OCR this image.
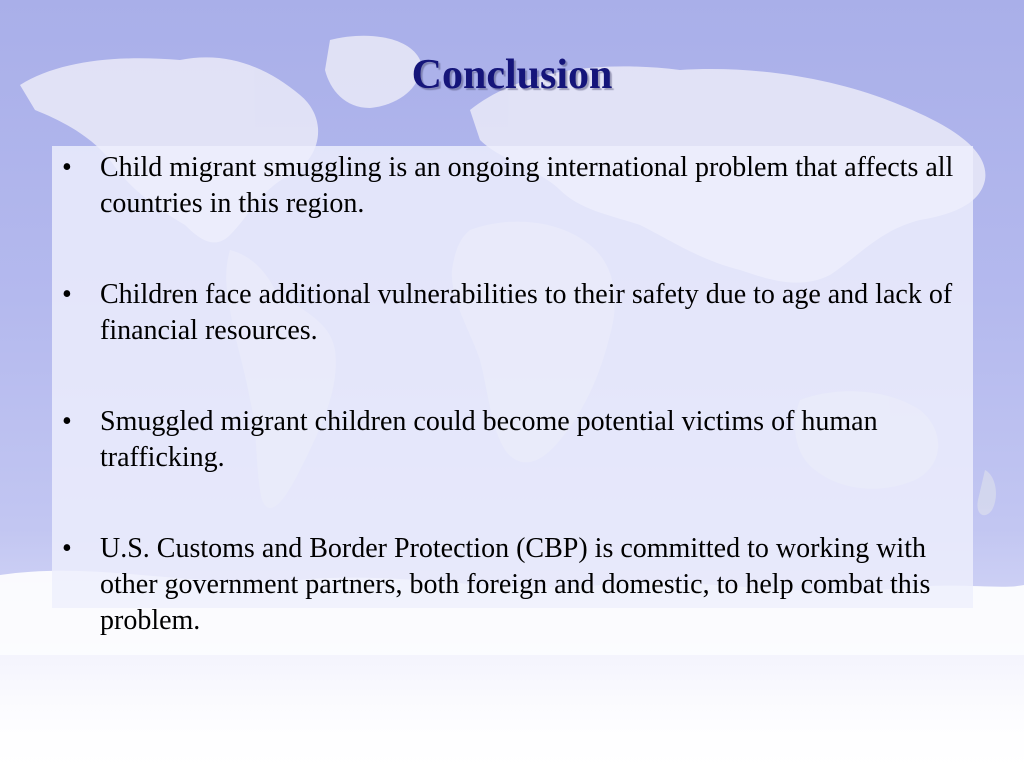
Conclusion
•	Child migrant smuggling is an ongoing international problem that affects all countries in this region.
•	Children face additional vulnerabilities to their safety due to age and lack of financial resources.
•	Smuggled migrant children could become potential victims of human trafficking.
•	U.S. Customs and Border Protection (CBP) is committed to working with other government partners, both foreign and domestic, to help combat this problem.
